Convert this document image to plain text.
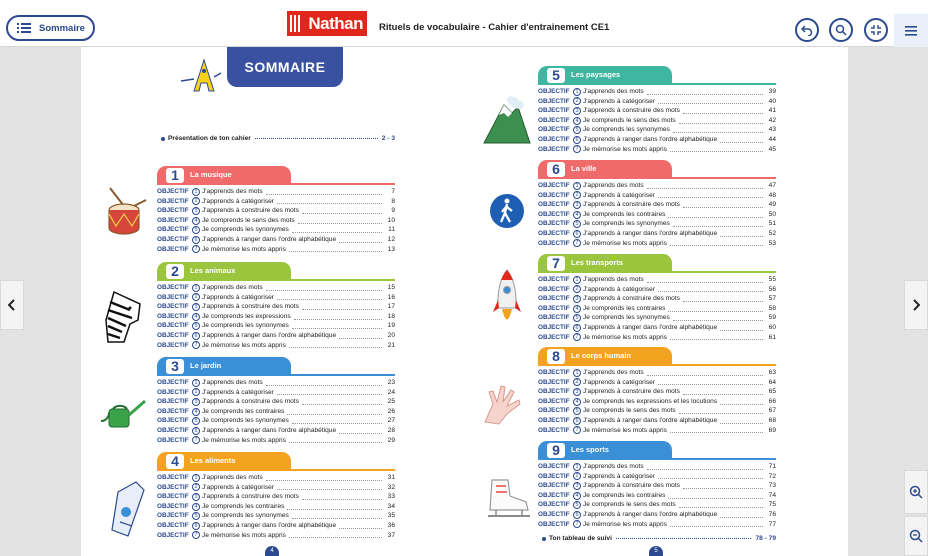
Sommaire	Nathan Rituels de vocabulaire - Cahier d'entrainement CE1
SOMMAIRE
Présentation de ton cahier	2 - 3
La musique
1
OBJECTIF	1 J'apprends des mots	7
OBJECTIF	2 J'apprends à catégoriser	8
OBJECTIF	3 J'apprends à construire des mots	9
OBJECTIF	4 Je comprends le sens des mots	10
OBJECTIF	5 Je comprends les synonymes	11
OBJECTIF	6 J'apprends à ranger dans l'ordre alphabétique	12
OBJECTIF	7 Je mémorise les mots appris	13
Les animaux
2
OBJECTIF	1 J'apprends des mots	15
OBJECTIF	2 J'apprends à catégoriser	16
OBJECTIF	3 J'apprends à construire des mots	17
OBJECTIF	4 Je comprends les expressions	18
OBJECTIF	5 Je comprends les synonymes	19
OBJECTIF	6 J'apprends à ranger dans l'ordre alphabétique	20
OBJECTIF	7 Je mémorise les mots appris	21
Le jardin
3
OBJECTIF	1 J'apprends des mots	23
OBJECTIF	2 J'apprends à catégoriser	24
OBJECTIF	3 J'apprends à construire des mots	25
OBJECTIF	4 Je comprends les contraires	26
OBJECTIF	5 Je comprends les synonymes	27
OBJECTIF	6 J'apprends à ranger dans l'ordre alphabétique	28
OBJECTIF	7 Je mémorise les mots appris	29
Les aliments
4
OBJECTIF	1 J'apprends des mots	31
OBJECTIF	2 J'apprends à catégoriser	32
OBJECTIF	3 J'apprends à construire des mots	33
OBJECTIF	4 Je comprends les contraires	34
OBJECTIF	5 Je comprends les synonymes	35
OBJECTIF	6 J'apprends à ranger dans l'ordre alphabétique	36
OBJECTIF	7 Je mémorise les mots appris	37
4
Les paysages
5
OBJECTIF	1 J'apprends des mots	39
OBJECTIF	2 J'apprends à catégoriser	40
OBJECTIF	3 J'apprends à construire des mots	41
OBJECTIF	4 Je comprends le sens des mots	42
OBJECTIF	5 Je comprends les synonymes	43
OBJECTIF	6 J'apprends à ranger dans l'ordre alphabétique	44
OBJECTIF	7 Je mémorise les mots appris	45
La ville
6
OBJECTIF	1 J'apprends des mots	47
OBJECTIF	2 J'apprends à catégoriser	48
OBJECTIF	3 J'apprends à construire des mots	49
OBJECTIF	4 Je comprends les contraires	50
OBJECTIF	5 Je comprends les synonymes	51
OBJECTIF	6 J'apprends à ranger dans l'ordre alphabétique	52
OBJECTIF	7 Je mémorise les mots appris	53
Les transports
7
OBJECTIF	1 J'apprends des mots	55
OBJECTIF	2 J'apprends à catégoriser	56
OBJECTIF	3 J'apprends à construire des mots	57
OBJECTIF	4 Je comprends les contraires	58
OBJECTIF	5 Je comprends les synonymes	59
OBJECTIF	6 J'apprends à ranger dans l'ordre alphabétique	60
OBJECTIF	7 Je mémorise les mots appris	61
Le corps humain
8
OBJECTIF	1 J'apprends des mots	63
OBJECTIF	2 J'apprends à catégoriser	64
OBJECTIF	3 J'apprends à construire des mots	65
OBJECTIF	4 Je comprends les expressions et les locutions	66
OBJECTIF	5 Je comprends le sens des mots	67
OBJECTIF	6 J'apprends à ranger dans l'ordre alphabétique	68
OBJECTIF	7 Je mémorise les mots appris	69
Les sports
9
OBJECTIF	1 J'apprends des mots	71
OBJECTIF	2 J'apprends à catégoriser	72
OBJECTIF	3 J'apprends à construire des mots	73
OBJECTIF	4 Je comprends les contraires	74
OBJECTIF	5 Je comprends le sens des mots	75
OBJECTIF	6 J'apprends à ranger dans l'ordre alphabétique	76
OBJECTIF	7 Je mémorise les mots appris	77
Ton tableau de suivi	78 - 79
5
